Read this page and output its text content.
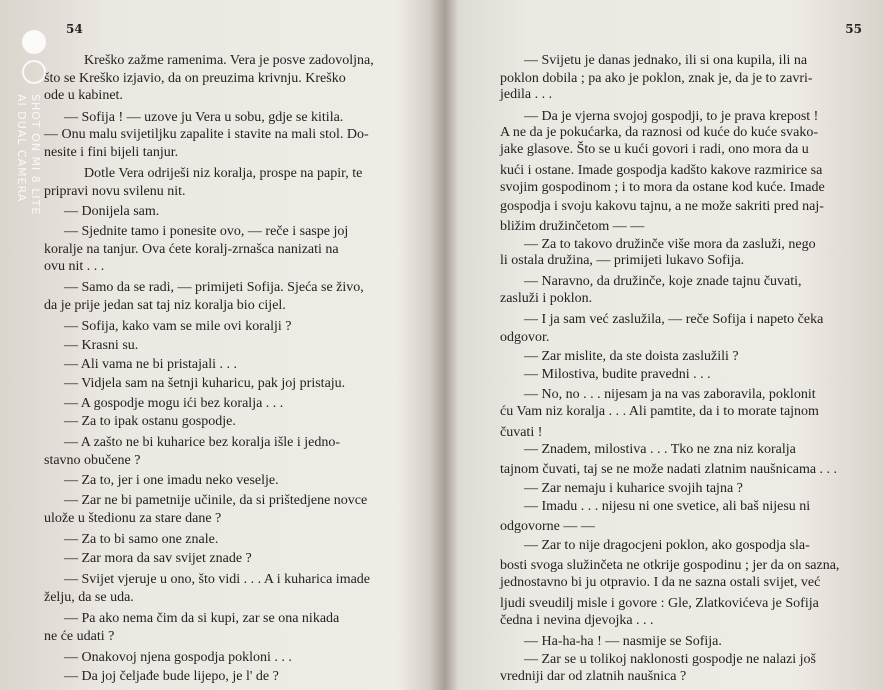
54
Kreško zažme ramenima. Vera je posve zadovoljna,
što se Kreško izjavio, da on preuzima krivnju. Kreško
ode u kabinet.
— Sofija ! — uzove ju Vera u sobu, gdje se kitila.
— Onu malu svijetiljku zapalite i stavite na mali stol. Do-
nesite i fini bijeli tanjur.
Dotle Vera odriješi niz koralja, prospe na papir, te
pripravi novu svilenu nit.
— Donijela sam.
— Sjednite tamo i ponesite ovo, — reče i saspe joj
koralje na tanjur. Ova ćete koralj-zrnašca nanizati na
ovu nit . . .
— Samo da se radi, — primijeti Sofija. Sjeća se živo,
da je prije jedan sat taj niz koralja bio cijel.
— Sofija, kako vam se mile ovi koralji ?
— Krasni su.
— Ali vama ne bi pristajali . . .
— Vidjela sam na šetnji kuharicu, pak joj pristaju.
— A gospodje mogu ići bez koralja . . .
— Za to ipak ostanu gospodje.
— A zašto ne bi kuharice bez koralja išle i jedno-
stavno obučene ?
— Za to, jer i one imadu neko veselje.
— Zar ne bi pametnije učinile, da si prištedjene novce
ulože u štedionu za stare dane ?
— Za to bi samo one znale.
— Zar mora da sav svijet znade ?
— Svijet vjeruje u ono, što vidi . . . A i kuharica imade
želju, da se uda.
— Pa ako nema čim da si kupi, zar se ona nikada
ne će udati ?
— Onakovoj njena gospodja pokloni . . .
— Da joj čeljađe bude lijepo, je l' de ?
55
— Svijetu je danas jednako, ili si ona kupila, ili na
poklon dobila ; pa ako je poklon, znak je, da je to zavri-
jedila . . .
— Da je vjerna svojoj gospodji, to je prava krepost !
A ne da je pokućarka, da raznosi od kuće do kuće svako-
jake glasove. Što se u kući govori i radi, ono mora da u
kući i ostane. Imade gospodja kadšto kakove razmirice sa
svojim gospodinom ; i to mora da ostane kod kuće. Imade
gospodja i svoju kakovu tajnu, a ne može sakriti pred naj-
bližim družinčetom — —
— Za to takovo družinče više mora da zasluži, nego
li ostala družina, — primijeti lukavo Sofija.
— Naravno, da družinče, koje znade tajnu čuvati,
zasluži i poklon.
— I ja sam već zaslužila, — reče Sofija i napeto čeka
odgovor.
— Zar mislite, da ste doista zaslužili ?
— Milostiva, budite pravedni . . .
— No, no . . . nijesam ja na vas zaboravila, poklonit
ću Vam niz koralja . . . Ali pamtite, da i to morate tajnom
čuvati !
— Znadem, milostiva . . . Tko ne zna niz koralja
tajnom čuvati, taj se ne može nadati zlatnim naušnicama . . .
— Zar nemaju i kuharice svojih tajna ?
— Imadu . . . nijesu ni one svetice, ali baš nijesu ni
odgovorne — —
— Zar to nije dragocjeni poklon, ako gospodja sla-
bosti svoga služinčeta ne otkrije gospodinu ; jer da on sazna,
jednostavno bi ju otpravio. I da ne sazna ostali svijet, već
ljudi sveudilj misle i govore : Gle, Zlatkovićeva je Sofija
čedna i nevina djevojka . . .
— Ha-ha-ha ! — nasmije se Sofija.
— Zar se u tolikoj naklonosti gospodje ne nalazi još
vredniji dar od zlatnih naušnica ?
SHOT ON MI 8 LITE
AI DUAL CAMERA
